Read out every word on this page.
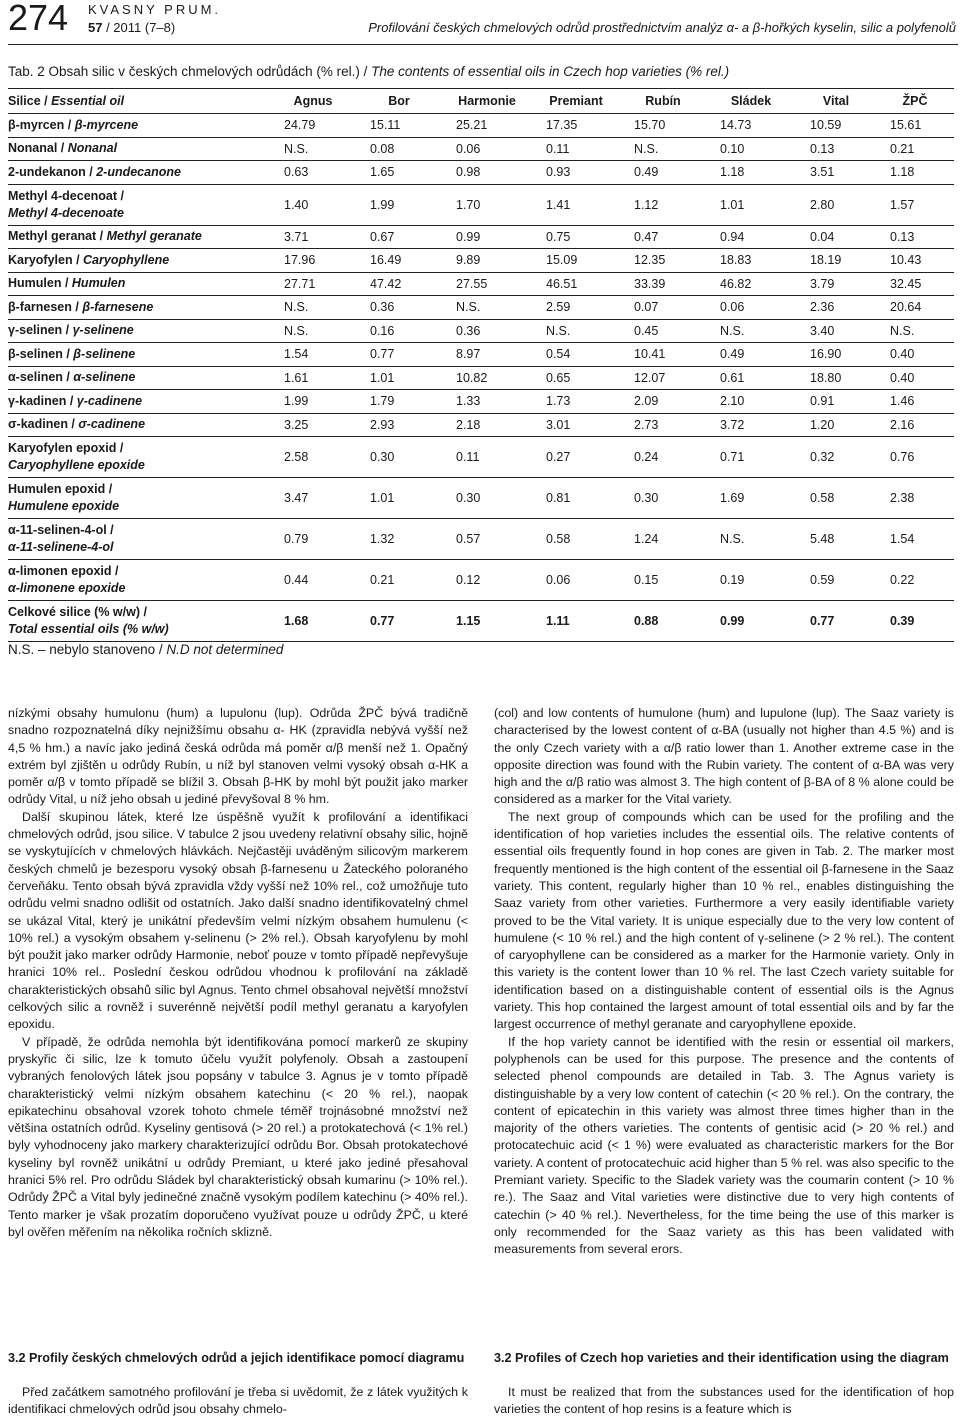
274 KVASNY PRUM.
57 / 2011 (7–8)	Profilování českých chmelových odrůd prostřednictvím analýz α- a β-hořkých kyselin, silic a polyfenolů
Tab. 2 Obsah silic v českých chmelových odrůdách (% rel.) / The contents of essential oils in Czech hop varieties (% rel.)
Silice / Essential oil	Agnus	Bor	Harmonie	Premiant	Rubín	Sládek	Vital	ŽPČ
β-myrcen / β-myrcene	24.79	15.11	25.21	17.35	15.70	14.73	10.59	15.61
Nonanal / Nonanal	N.S.	0.08	0.06	0.11	N.S.	0.10	0.13	0.21
2-undekanon / 2-undecanone	0.63	1.65	0.98	0.93	0.49	1.18	3.51	1.18
Methyl 4-decenoat /
Methyl 4-decenoate	1.40	1.99	1.70	1.41	1.12	1.01	2.80	1.57
Methyl geranat / Methyl geranate	3.71	0.67	0.99	0.75	0.47	0.94	0.04	0.13
Karyofylen / Caryophyllene	17.96	16.49	9.89	15.09	12.35	18.83	18.19	10.43
Humulen / Humulen	27.71	47.42	27.55	46.51	33.39	46.82	3.79	32.45
β-farnesen / β-farnesene	N.S.	0.36	N.S.	2.59	0.07	0.06	2.36	20.64
γ-selinen / γ-selinene	N.S.	0.16	0.36	N.S.	0.45	N.S.	3.40	N.S.
β-selinen / β-selinene	1.54	0.77	8.97	0.54	10.41	0.49	16.90	0.40
α-selinen / α-selinene	1.61	1.01	10.82	0.65	12.07	0.61	18.80	0.40
γ-kadinen / γ-cadinene	1.99	1.79	1.33	1.73	2.09	2.10	0.91	1.46
σ-kadinen / σ-cadinene	3.25	2.93	2.18	3.01	2.73	3.72	1.20	2.16
Karyofylen epoxid /
Caryophyllene epoxide	2.58	0.30	0.11	0.27	0.24	0.71	0.32	0.76
Humulen epoxid /
Humulene epoxide	3.47	1.01	0.30	0.81	0.30	1.69	0.58	2.38
α-11-selinen-4-ol /
α-11-selinene-4-ol	0.79	1.32	0.57	0.58	1.24	N.S.	5.48	1.54
α-limonen epoxid /
α-limonene epoxide	0.44	0.21	0.12	0.06	0.15	0.19	0.59	0.22
Celkové silice (% w/w) /
Total essential oils (% w/w)	1.68	0.77	1.15	1.11	0.88	0.99	0.77	0.39
N.S. – nebylo stanoveno / N.D not determined

nízkými obsahy humulonu (hum) a lupulonu (lup). Odrůda ŽPČ bývá tradičně snadno rozpoznatelná díky nejnižšímu obsahu α- HK (zpravidla nebývá vyšší než 4,5 % hm.) a navíc jako jediná česká odrůda má poměr α/β menší než 1. Opačný extrém byl zjištěn u odrůdy Rubín, u níž byl stanoven velmi vysoký obsah α-HK a poměr α/β v tomto případě se blížil 3. Obsah β-HK by mohl být použit jako marker odrůdy Vital, u níž jeho obsah u jediné převyšoval 8 % hm.

Další skupinou látek, které lze úspěšně využít k profilování a identifikaci chmelových odrůd, jsou silice. V tabulce 2 jsou uvedeny relativní obsahy silic, hojně se vyskytujících v chmelových hlávkách. Nejčastěji uváděným silicovým markerem českých chmelů je bezesporu vysoký obsah β-farnesenu u Žateckého poloraného červeňáku. Tento obsah bývá zpravidla vždy vyšší než 10% rel., což umožňuje tuto odrůdu velmi snadno odlišit od ostatních. Jako další snadno identifikovatelný chmel se ukázal Vital, který je unikátní především velmi nízkým obsahem humulenu (< 10% rel.) a vysokým obsahem γ-selinenu (> 2% rel.). Obsah karyofylenu by mohl být použit jako marker odrůdy Harmonie, neboť pouze v tomto případě nepřevyšuje hranici 10% rel.. Poslední českou odrůdou vhodnou k profilování na základě charakteristických obsahů silic byl Agnus. Tento chmel obsahoval největší množství celkových silic a rovněž i suverénně největší podíl methyl geranatu a karyofylen epoxidu.

V případě, že odrůda nemohla být identifikována pomocí markerů ze skupiny pryskyřic či silic, lze k tomuto účelu využít polyfenoly. Obsah a zastoupení vybraných fenolových látek jsou popsány v tabulce 3. Agnus je v tomto případě charakteristický velmi nízkým obsahem katechinu (< 20 % rel.), naopak epikatechinu obsahoval vzorek tohoto chmele téměř trojnásobné množství než většina ostatních odrůd. Kyseliny gentisová (> 20 rel.) a protokatechová (< 1% rel.) byly vyhodnoceny jako markery charakterizující odrůdu Bor. Obsah protokatechové kyseliny byl rovněž unikátní u odrůdy Premiant, u které jako jediné přesahoval hranici 5% rel. Pro odrůdu Sládek byl charakteristický obsah kumarinu (> 10% rel.). Odrůdy ŽPČ a Vital byly jedinečné značně vysokým podílem katechinu (> 40% rel.). Tento marker je však prozatím doporučeno využívat pouze u odrůdy ŽPČ, u které byl ověřen měřením na několika ročních sklizně.

(col) and low contents of humulone (hum) and lupulone (lup). The Saaz variety is characterised by the lowest content of α-BA (usually not higher than 4.5 %) and is the only Czech variety with a α/β ratio lower than 1. Another extreme case in the opposite direction was found with the Rubin variety. The content of α-BA was very high and the α/β ratio was almost 3. The high content of β-BA of 8 % alone could be considered as a marker for the Vital variety.

The next group of compounds which can be used for the profiling and the identification of hop varieties includes the essential oils. The relative contents of essential oils frequently found in hop cones are given in Tab. 2. The marker most frequently mentioned is the high content of the essential oil β-farnesene in the Saaz variety. This content, regularly higher than 10 % rel., enables distinguishing the Saaz variety from other varieties. Furthermore a very easily identifiable variety proved to be the Vital variety. It is unique especially due to the very low content of humulene (< 10 % rel.) and the high content of γ-selinene (> 2 % rel.). The content of caryophyllene can be considered as a marker for the Harmonie variety. Only in this variety is the content lower than 10 % rel. The last Czech variety suitable for identification based on a distinguishable content of essential oils is the Agnus variety. This hop contained the largest amount of total essential oils and by far the largest occurrence of methyl geranate and caryophyllene epoxide.

If the hop variety cannot be identified with the resin or essential oil markers, polyphenols can be used for this purpose. The presence and the contents of selected phenol compounds are detailed in Tab. 3. The Agnus variety is distinguishable by a very low content of catechin (< 20 % rel.). On the contrary, the content of epicatechin in this variety was almost three times higher than in the majority of the others varieties. The contents of gentisic acid (> 20 % rel.) and protocatechuic acid (< 1 %) were evaluated as characteristic markers for the Bor variety. A content of protocatechuic acid higher than 5 % rel. was also specific to the Premiant variety. Specific to the Sladek variety was the coumarin content (> 10 % re.). The Saaz and Vital varieties were distinctive due to very high contents of catechin (> 40 % rel.). Nevertheless, for the time being the use of this marker is only recommended for the Saaz variety as this has been validated with measurements from several erors.

3.2 Profily českých chmelových odrůd a jejich identifikace pomocí diagramu

Před začátkem samotného profilování je třeba si uvědomit, že z látek využitých k identifikaci chmelových odrůd jsou obsahy chmelo-

3.2 Profiles of Czech hop varieties and their identification using the diagram

It must be realized that from the substances used for the identification of hop varieties the content of hop resins is a feature which is
